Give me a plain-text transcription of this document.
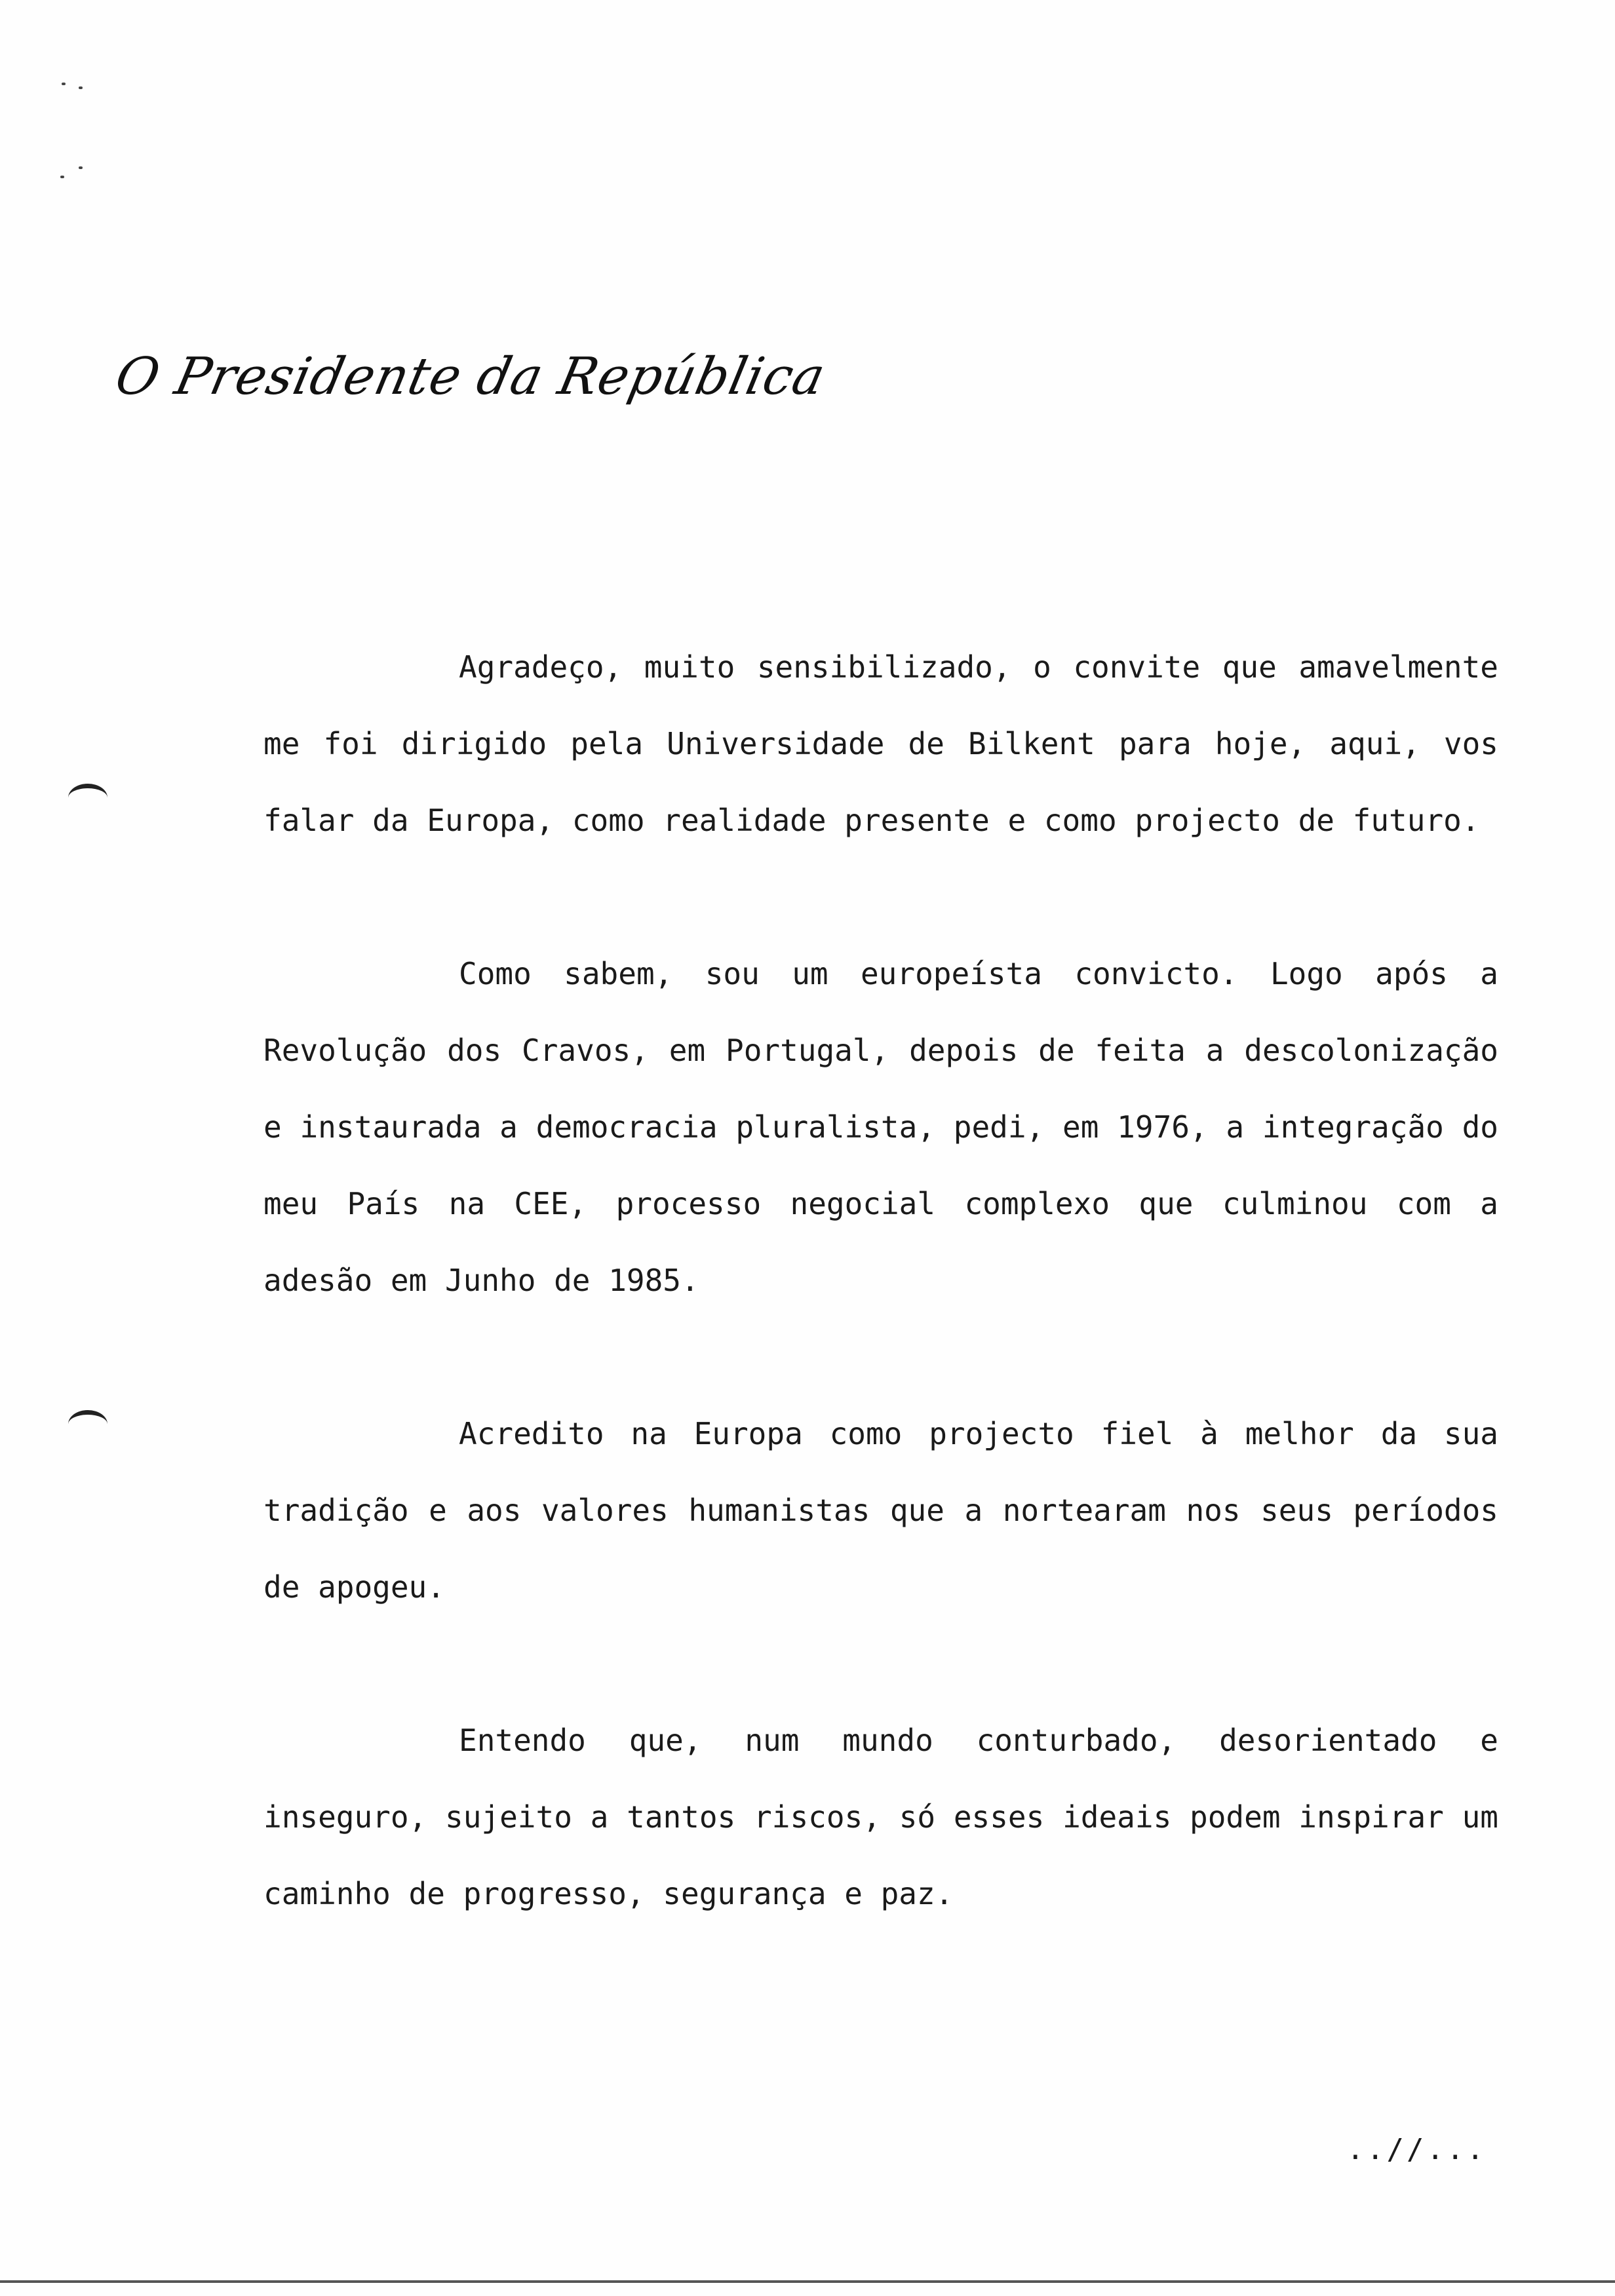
O Presidente da República

Agradeço, muito sensibilizado, o convite que amavelmente me foi dirigido pela Universidade de Bilkent para hoje, aqui, vos falar da Europa, como realidade presente e como projecto de futuro.

Como sabem, sou um europeísta convicto. Logo após a Revolução dos Cravos, em Portugal, depois de feita a descolonização e instaurada a democracia pluralista, pedi, em 1976, a integração do meu País na CEE, processo negocial complexo que culminou com a adesão em Junho de 1985.

Acredito na Europa como projecto fiel à melhor da sua tradição e aos valores humanistas que a nortearam nos seus períodos de apogeu.

Entendo que, num mundo conturbado, desorientado e inseguro, sujeito a tantos riscos, só esses ideais podem inspirar um caminho de progresso, segurança e paz.

..//...
